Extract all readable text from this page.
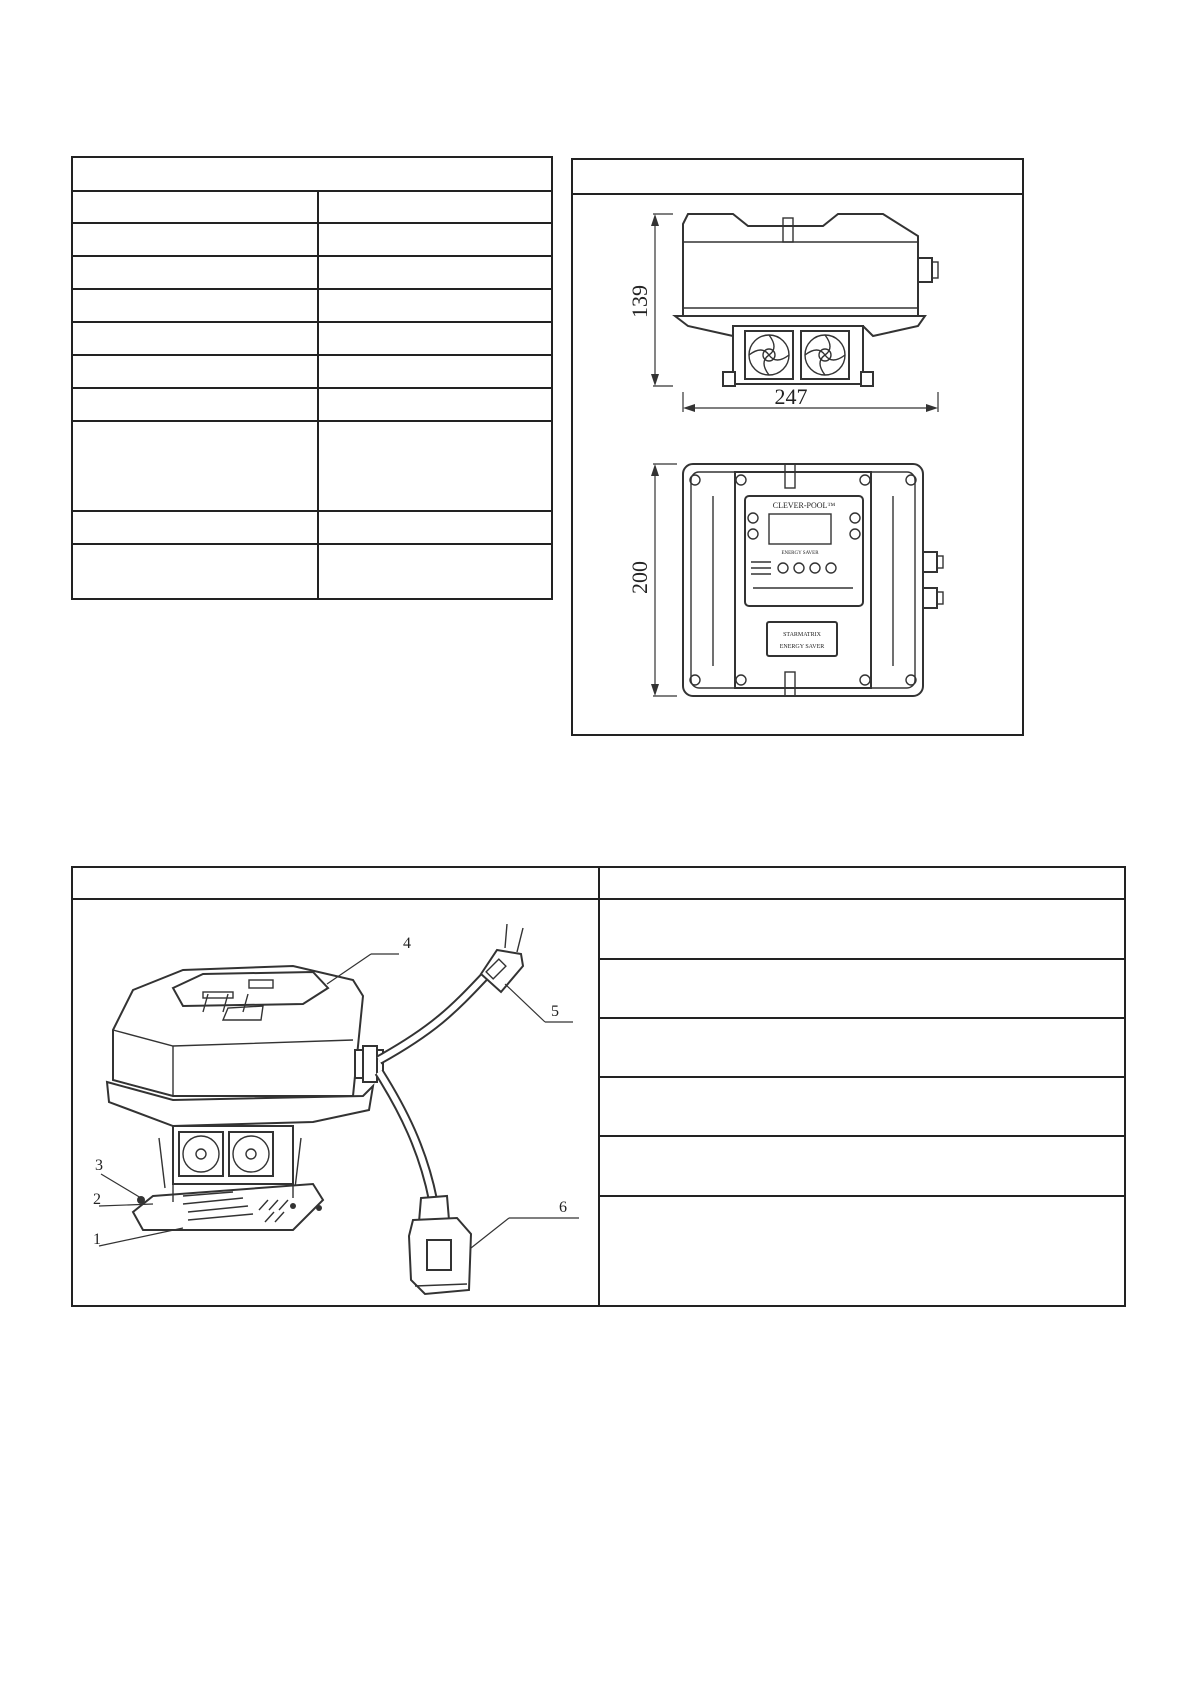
139
247
CLEVER-POOL™
ENERGY SAVER
STARMATRIX
ENERGY SAVER
200
4
5
6
3
2
1
